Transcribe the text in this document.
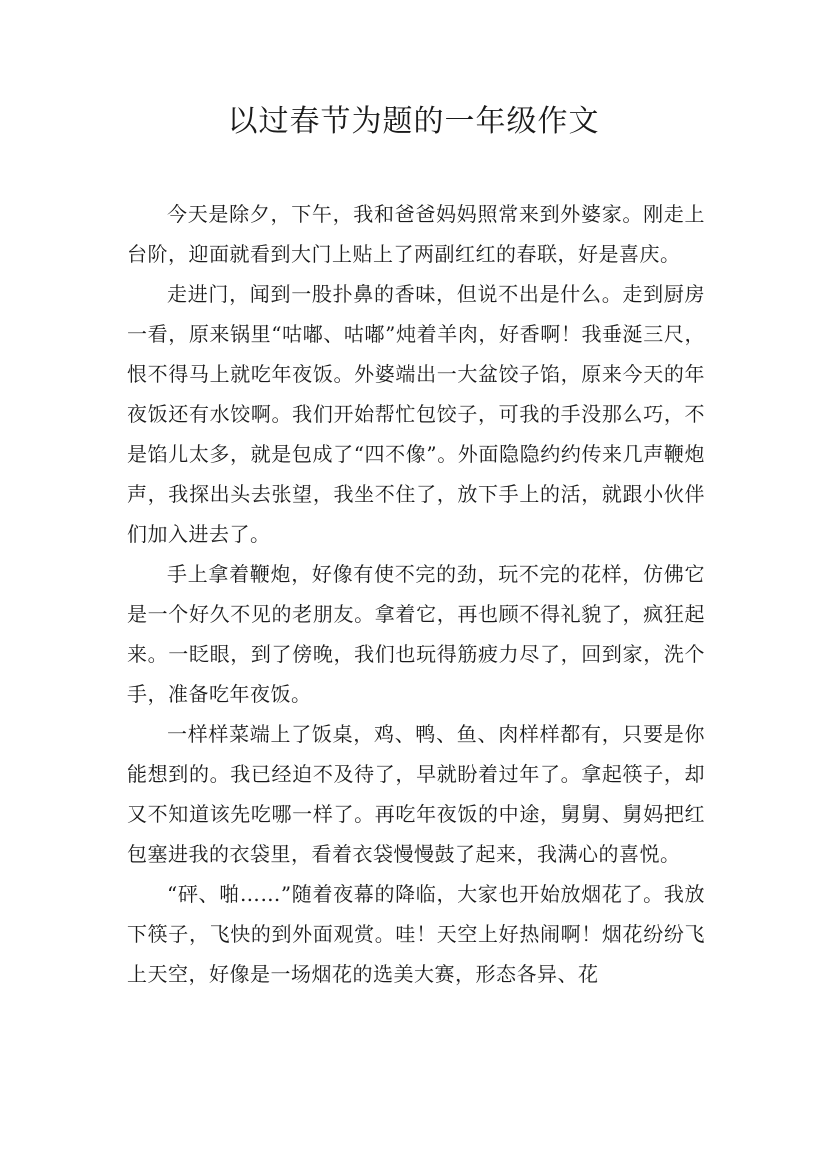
以过春节为题的一年级作文

今天是除夕，下午，我和爸爸妈妈照常来到外婆家。刚走上台阶，迎面就看到大门上贴上了两副红红的春联，好是喜庆。

走进门，闻到一股扑鼻的香味，但说不出是什么。走到厨房一看，原来锅里“咕嘟、咕嘟”炖着羊肉，好香啊！我垂涎三尺，恨不得马上就吃年夜饭。外婆端出一大盆饺子馅，原来今天的年夜饭还有水饺啊。我们开始帮忙包饺子，可我的手没那么巧，不是馅儿太多，就是包成了“四不像”。外面隐隐约约传来几声鞭炮声，我探出头去张望，我坐不住了，放下手上的活，就跟小伙伴们加入进去了。

手上拿着鞭炮，好像有使不完的劲，玩不完的花样，仿佛它是一个好久不见的老朋友。拿着它，再也顾不得礼貌了，疯狂起来。一眨眼，到了傍晚，我们也玩得筋疲力尽了，回到家，洗个手，准备吃年夜饭。

一样样菜端上了饭桌，鸡、鸭、鱼、肉样样都有，只要是你能想到的。我已经迫不及待了，早就盼着过年了。拿起筷子，却又不知道该先吃哪一样了。再吃年夜饭的中途，舅舅、舅妈把红包塞进我的衣袋里，看着衣袋慢慢鼓了起来，我满心的喜悦。

“砰、啪……”随着夜幕的降临，大家也开始放烟花了。我放下筷子，飞快的到外面观赏。哇！天空上好热闹啊！烟花纷纷飞上天空，好像是一场烟花的选美大赛，形态各异、花
